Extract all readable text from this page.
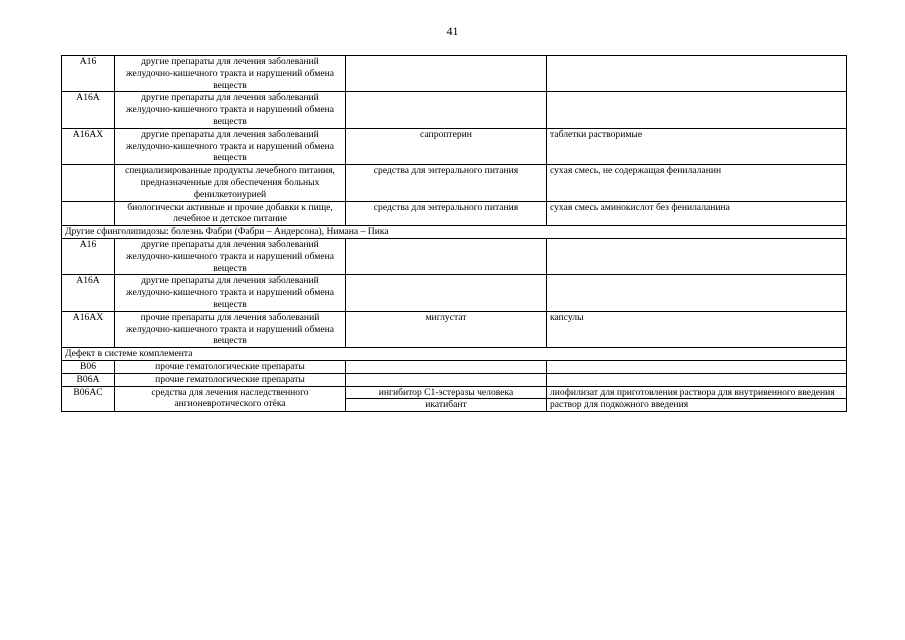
41
A16	другие препараты для лечения заболеваний желудочно-кишечного тракта и нарушений обмена веществ		
A16A	другие препараты для лечения заболеваний желудочно-кишечного тракта и нарушений обмена веществ		
A16AX	другие препараты для лечения заболеваний желудочно-кишечного тракта и нарушений обмена веществ	сапроптерин	таблетки растворимые
	специализированные продукты лечебного питания, предназначенные для обеспечения больных фенилкетонурией	средства для энтерального питания	сухая смесь, не содержащая фенилаланин
	биологически активные и прочие добавки к пище, лечебное и детское питание	средства для энтерального питания	сухая смесь аминокислот без фенилаланина
Другие сфинголипидозы: болезнь Фабри (Фабри – Андерсона), Нимана – Пика			
A16	другие препараты для лечения заболеваний желудочно-кишечного тракта и нарушений обмена веществ		
A16A	другие препараты для лечения заболеваний желудочно-кишечного тракта и нарушений обмена веществ		
A16AX	прочие препараты для лечения заболеваний желудочно-кишечного тракта и нарушений обмена веществ	миглустат	капсулы
Дефект в системе комплемента			
B06	прочие гематологические препараты		
B06A	прочие гематологические препараты		
B06AC	средства для лечения наследственного ангионевротического отёка	ингибитор C1-эстеразы человека	лиофилизат для приготовления раствора для внутривенного введения
		икатибант	раствор для подкожного введения
